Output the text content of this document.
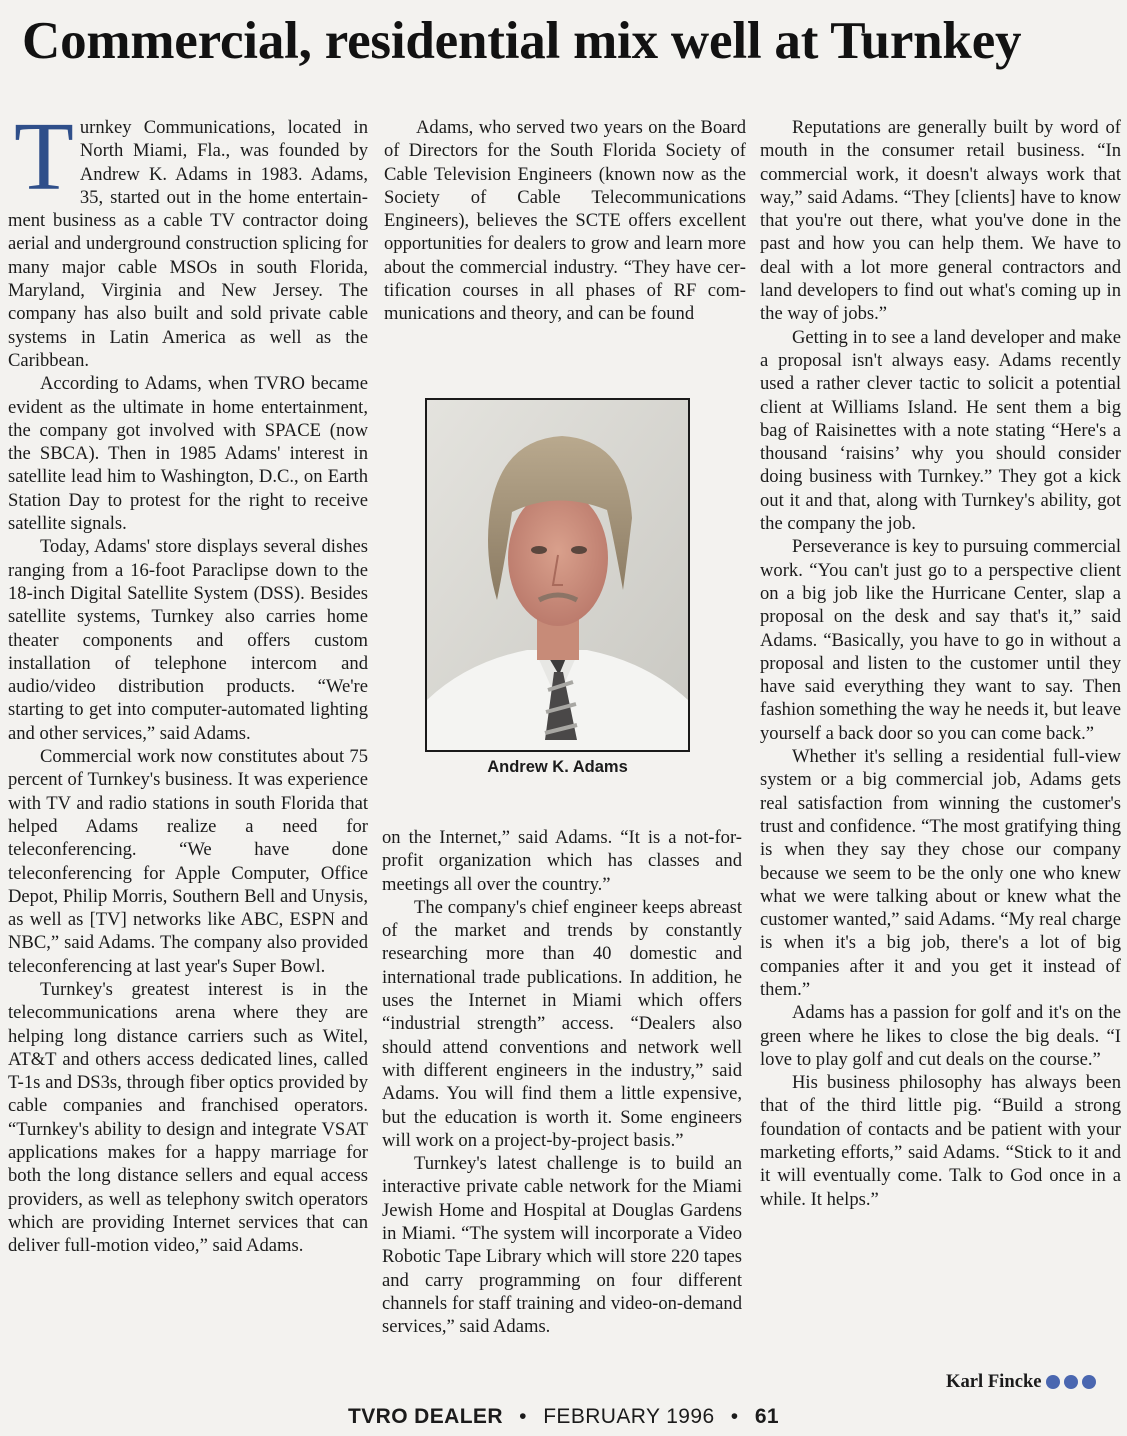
Commercial, residential mix well at Turnkey

Turnkey Communications, located in North Miami, Fla., was founded by Andrew K. Adams in 1983. Adams, 35, started out in the home entertainment business as a cable TV contractor doing aerial and underground construction splicing for many major cable MSOs in south Florida, Maryland, Virginia and New Jersey. The company has also built and sold private cable systems in Latin America as well as the Caribbean.

According to Adams, when TVRO became evident as the ultimate in home entertainment, the company got involved with SPACE (now the SBCA). Then in 1985 Adams' interest in satellite lead him to Washington, D.C., on Earth Station Day to protest for the right to receive satellite signals.

Today, Adams' store displays several dishes ranging from a 16-foot Paraclipse down to the 18-inch Digital Satellite System (DSS). Besides satellite systems, Turnkey also carries home theater components and offers custom installation of telephone intercom and audio/video distribution products. “We're starting to get into computer-automated lighting and other services,” said Adams.

Commercial work now constitutes about 75 percent of Turnkey's business. It was experience with TV and radio stations in south Florida that helped Adams realize a need for teleconferencing. “We have done teleconferencing for Apple Computer, Office Depot, Philip Morris, Southern Bell and Unysis, as well as [TV] networks like ABC, ESPN and NBC,” said Adams. The company also provided teleconferencing at last year's Super Bowl.

Turnkey's greatest interest is in the telecommunications arena where they are helping long distance carriers such as Witel, AT&T and others access dedicated lines, called T-1s and DS3s, through fiber optics provided by cable companies and franchised operators. “Turnkey's ability to design and integrate VSAT applications makes for a happy marriage for both the long distance sellers and equal access providers, as well as telephony switch operators which are providing Internet services that can deliver full-motion video,” said Adams.

Adams, who served two years on the Board of Directors for the South Florida Society of Cable Television Engineers (known now as the Society of Cable Telecommunications Engineers), believes the SCTE offers excellent opportunities for dealers to grow and learn more about the commercial industry. “They have certification courses in all phases of RF communications and theory, and can be found

Andrew K. Adams

on the Internet,” said Adams. “It is a not-for-profit organization which has classes and meetings all over the country.”

The company's chief engineer keeps abreast of the market and trends by constantly researching more than 40 domestic and international trade publications. In addition, he uses the Internet in Miami which offers “industrial strength” access. “Dealers also should attend conventions and network well with different engineers in the industry,” said Adams. You will find them a little expensive, but the education is worth it. Some engineers will work on a project-by-project basis.”

Turnkey's latest challenge is to build an interactive private cable network for the Miami Jewish Home and Hospital at Douglas Gardens in Miami. “The system will incorporate a Video Robotic Tape Library which will store 220 tapes and carry programming on four different channels for staff training and video-on-demand services,” said Adams.

Reputations are generally built by word of mouth in the consumer retail business. “In commercial work, it doesn't always work that way,” said Adams. “They [clients] have to know that you're out there, what you've done in the past and how you can help them. We have to deal with a lot more general contractors and land developers to find out what's coming up in the way of jobs.”

Getting in to see a land developer and make a proposal isn't always easy. Adams recently used a rather clever tactic to solicit a potential client at Williams Island. He sent them a big bag of Raisinettes with a note stating “Here's a thousand ‘raisins’ why you should consider doing business with Turnkey.” They got a kick out it and that, along with Turnkey's ability, got the company the job.

Perseverance is key to pursuing commercial work. “You can't just go to a perspective client on a big job like the Hurricane Center, slap a proposal on the desk and say that's it,” said Adams. “Basically, you have to go in without a proposal and listen to the customer until they have said everything they want to say. Then fashion something the way he needs it, but leave yourself a back door so you can come back.”

Whether it's selling a residential full-view system or a big commercial job, Adams gets real satisfaction from winning the customer's trust and confidence. “The most gratifying thing is when they say they chose our company because we seem to be the only one who knew what we were talking about or knew what the customer wanted,” said Adams. “My real charge is when it's a big job, there's a lot of big companies after it and you get it instead of them.”

Adams has a passion for golf and it's on the green where he likes to close the big deals. “I love to play golf and cut deals on the course.”

His business philosophy has always been that of the third little pig. “Build a strong foundation of contacts and be patient with your marketing efforts,” said Adams. “Stick to it and it will eventually come. Talk to God once in a while. It helps.”

Karl Fincke
TVRO DEALER • FEBRUARY 1996 • 61
